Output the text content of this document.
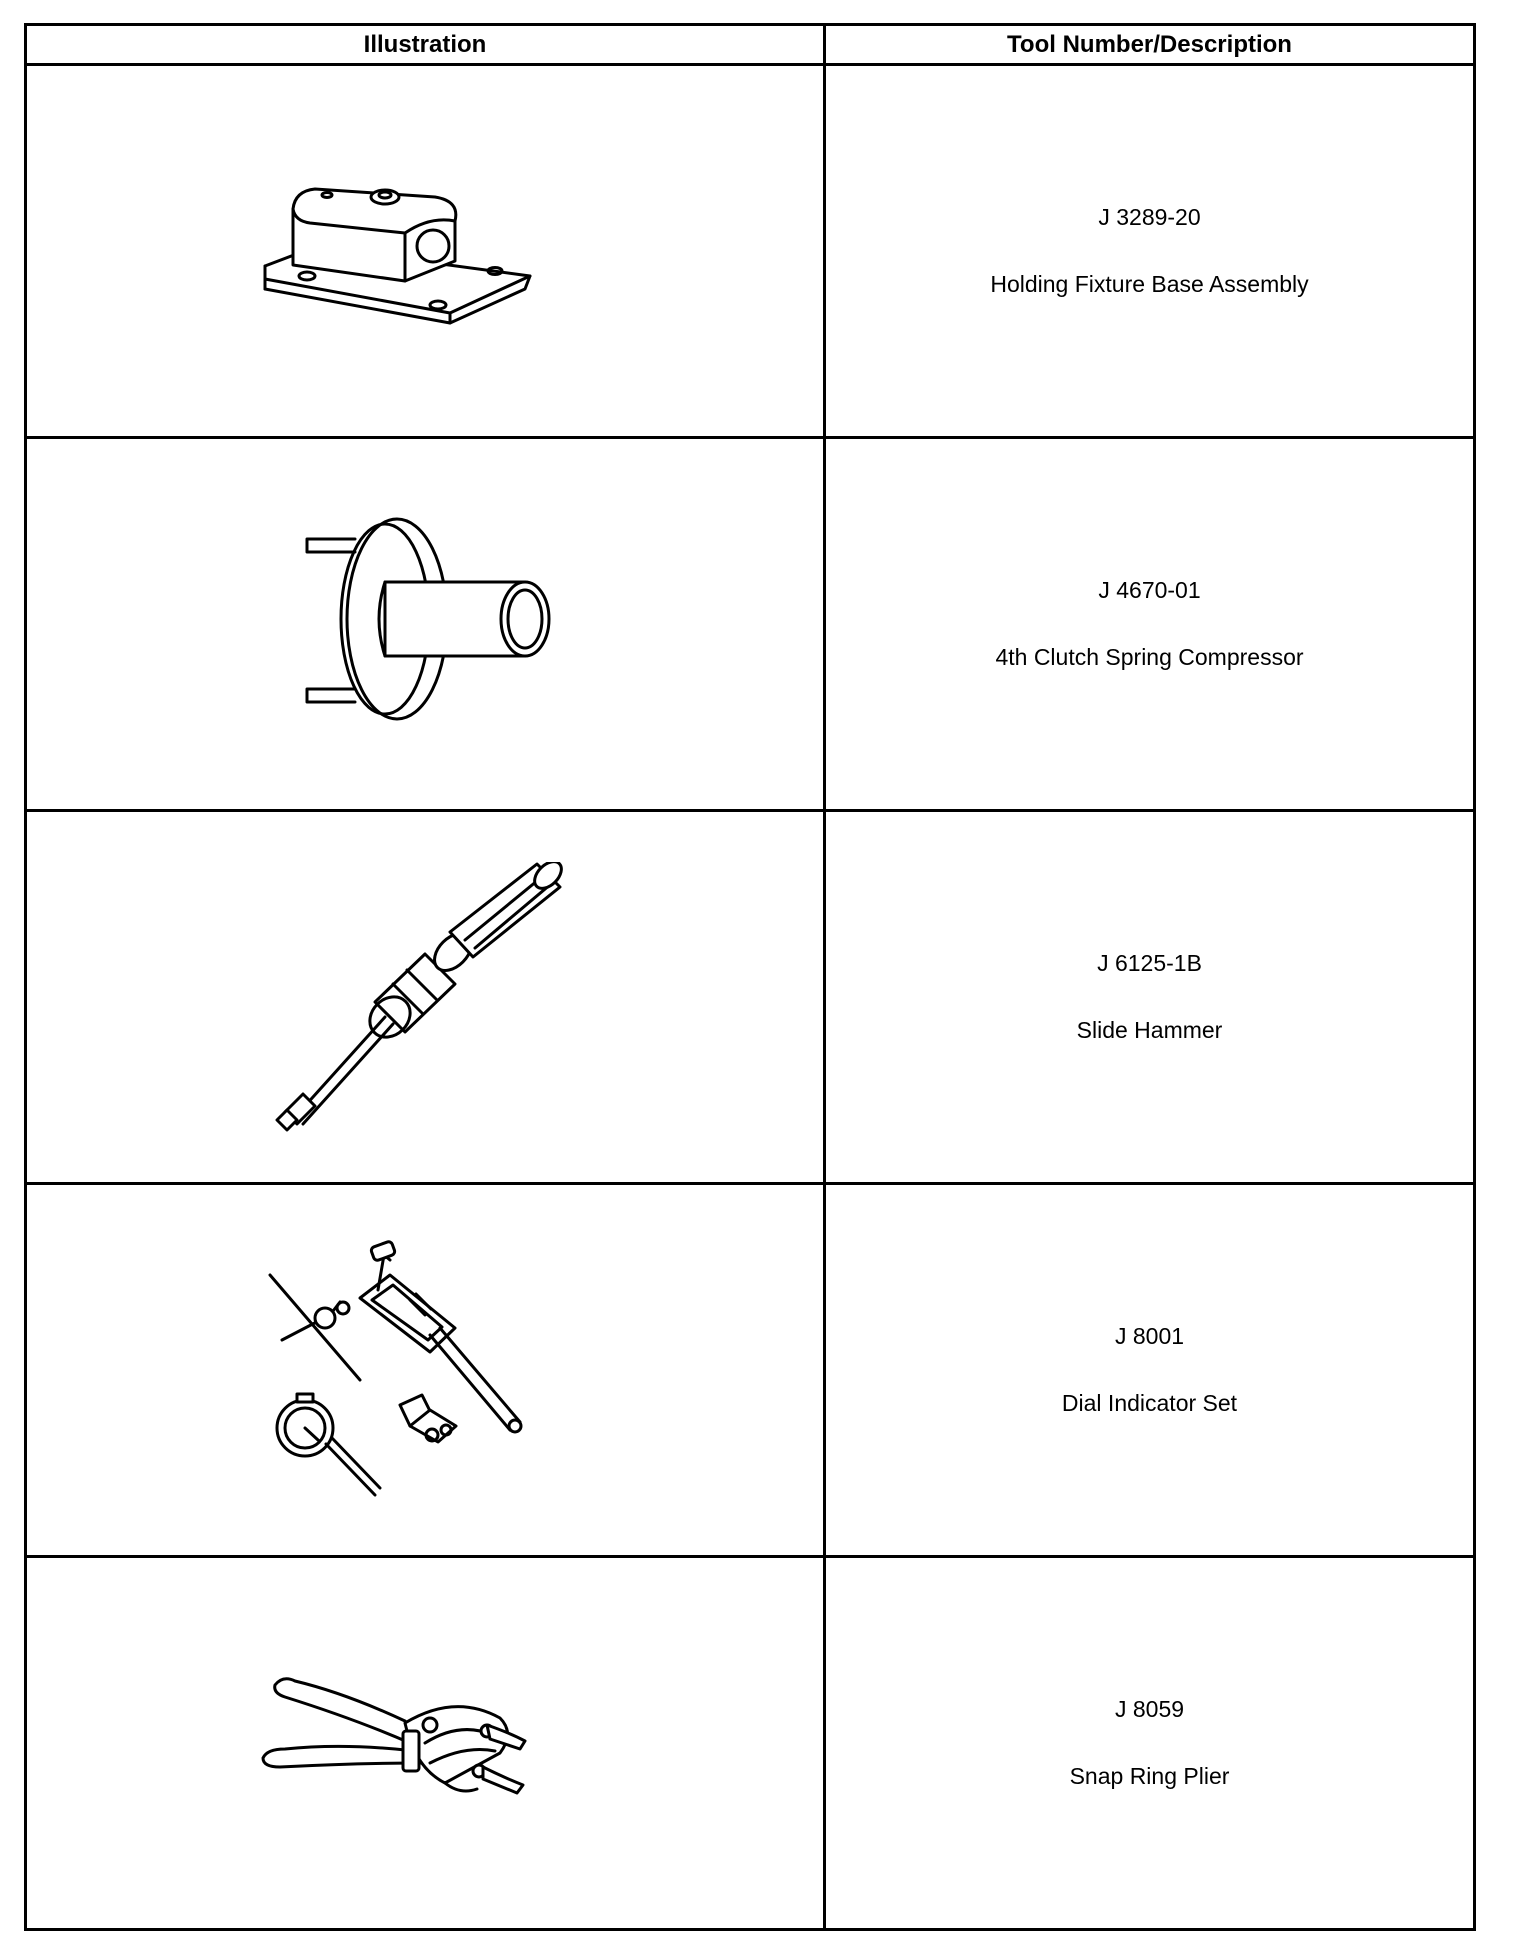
Illustration	Tool Number/Description

J 3289-20
Holding Fixture Base Assembly

J 4670-01
4th Clutch Spring Compressor

J 6125-1B
Slide Hammer

J 8001
Dial Indicator Set

J 8059
Snap Ring Plier
